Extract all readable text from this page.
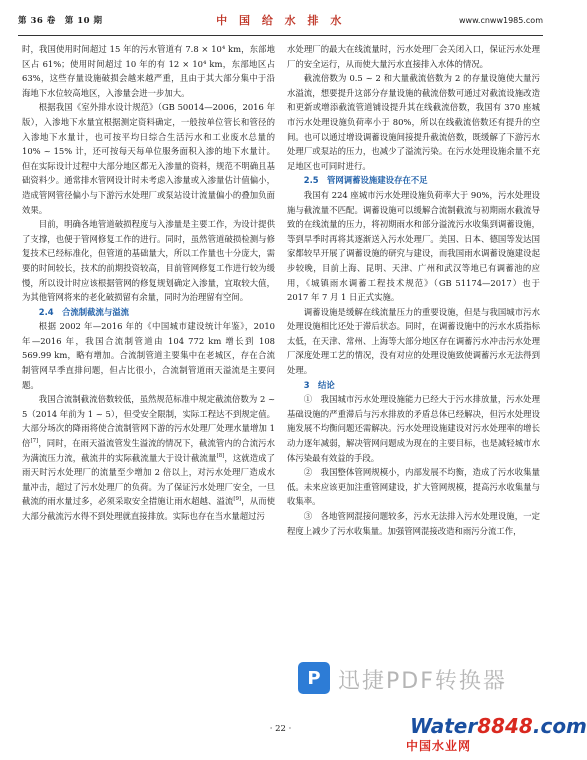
第 36 卷　第 10 期	中 国 给 水 排 水	www.cnww1985.com

时，我国使用时间超过 15 年的污水管道有 7.8 × 10⁴ km，东部地区占 61%；使用时间超过 10 年的有 12 × 10⁴ km，东部地区占 63%，这些存量设施破损会越来越严重，且由于其大部分集中于沿海地下水位较高地区，入渗量会进一步加大。

根据我国《室外排水设计规范》（GB 50014—2006，2016 年版），入渗地下水量宜根据测定资料确定，一般按单位管长和管径的入渗地下水量计，也可按平均日综合生活污水和工业废水总量的 10% ~ 15% 计，还可按每天每单位服务面积入渗的地下水量计。但在实际设计过程中大部分地区都无入渗量的资料，规范不明确且基础资料少。通常排水管网设计时未考虑入渗量或入渗量估计值偏小，造成管网管径偏小与下游污水处理厂或泵站设计流量偏小的叠加负面效果。

目前，明确各地管道破损程度与入渗量是主要工作，为设计提供了支撑，也便于管网修复工作的进行。同时，虽然管道破损检测与修复技术已经标准化，但管道的基础量大，所以工作量也十分庞大，需要的时间较长，技术的前期投资较高，目前管网修复工作进行较为缓慢，所以设计时应该根据管网的修复规划确定入渗量，宜取较大值，为其他管网将来的老化破损留有余量，同时为治理留有空间。

2.4　合流制截流与溢流

根据 2002 年—2016 年的《中国城市建设统计年鉴》，2010 年—2016 年，我国合流制管道由 104 772 km 增长到 108 569.99 km，略有增加。合流制管道主要集中在老城区，存在合流制管网早季直排问题，但占比很小，合流制管道雨天溢流是主要问题。

我国合流制截流倍数较低，虽然规范标准中规定截流倍数为 2 ~ 5（2014 年前为 1 ~ 5），但受安全限制，实际工程达不到规定值。大部分场次的降雨将使合流制管网下游的污水处理厂处理水量增加 1 倍[7]，同时，在雨天溢流管发生溢流的情况下，截流管内的合流污水为满流压力流，截流井的实际截流量大于设计截流量[8]，这就造成了雨天时污水处理厂的流量至少增加 2 倍以上，对污水处理厂造成水量冲击，超过了污水处理厂的负荷。为了保证污水处理厂安全，一旦截流的雨水量过多，必须采取安全措施让雨水超越、溢流[9]，从而使大部分截流污水得不到处理就直接排放。实际也存在当水量超过污

水处理厂的最大在线流量时，污水处理厂会关闭入口，保证污水处理厂的安全运行，从而使大量污水直接排入水体的情况。

截流倍数为 0.5 ~ 2 和大量截流倍数为 2 的存量设施使大量污水溢流，想要提升这部分存量设施的截流倍数可通过对截流设施改造和更新或增添截流管道铺设提升其在线截流倍数，我国有 370 座城市污水处理设施负荷率小于 80%，所以在线截流倍数还有提升的空间。也可以通过增设调蓄设施间接提升截流倍数，既缓解了下游污水处理厂或泵站的压力，也减少了溢流污染。在污水处理设施余量不充足地区也可同时进行。

2.5　管网调蓄设施建设存在不足

我国有 224 座城市污水处理设施负荷率大于 90%，污水处理设施与截流量不匹配。调蓄设施可以缓解合流制截流与初期雨水截流导致的在线流量的压力，将初期雨水和部分溢流污水收集到调蓄设施，等到旱季时再将其逐渐送入污水处理厂。美国、日本、德国等发达国家都较早开展了调蓄设施的研究与建设，而我国雨水调蓄设施建设起步较晚，目前上海、昆明、天津、广州和武汉等地已有调蓄池的应用，《城镇雨水调蓄工程技术规范》（GB 51174—2017）也于 2017 年 7 月 1 日正式实施。

调蓄设施是缓解在线流量压力的重要设施，但是与我国城市污水处理设施相比还处于滞后状态。同时，在调蓄设施中的污水水质指标太低，在天津、常州、上海等大部分地区存在调蓄污水冲击污水处理厂深度处理工艺的情况，没有对应的处理设施致使调蓄污水无法得到处理。

3　结论

①　我国城市污水处理设施能力已经大于污水排放量，污水处理基础设施的严重滞后与污水排放的矛盾总体已经解决，但污水处理设施发展不均衡问题还需解决。污水处理设施建设对污水处理率的增长动力逐年减弱，解决管网问题成为现在的主要目标，也是减轻城市水体污染最有效益的手段。

②　我国整体管网规模小，内部发展不均衡，造成了污水收集量低。未来应该更加注重管网建设，扩大管网规模，提高污水收集量与收集率。

③　各地管网混接问题较多，污水无法排入污水处理设施，一定程度上减少了污水收集量。加强管网混接改造和雨污分流工作，

· 22 ·
P 迅捷PDF转换器
Water8848.com
中国水业网
